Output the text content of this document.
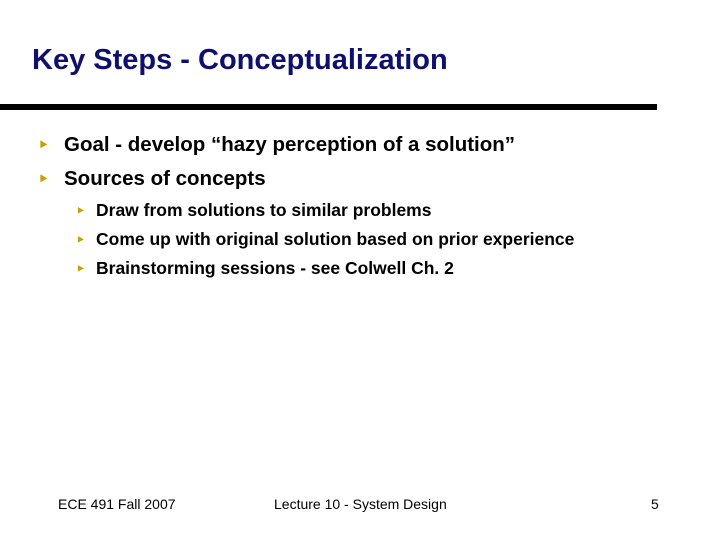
Key Steps - Conceptualization
‣ Goal - develop “hazy perception of a solution”
‣ Sources of concepts
‣ Draw from solutions to similar problems
‣ Come up with original solution based on prior experience
‣ Brainstorming sessions - see Colwell Ch. 2
ECE 491 Fall 2007	Lecture 10 - System Design	5
